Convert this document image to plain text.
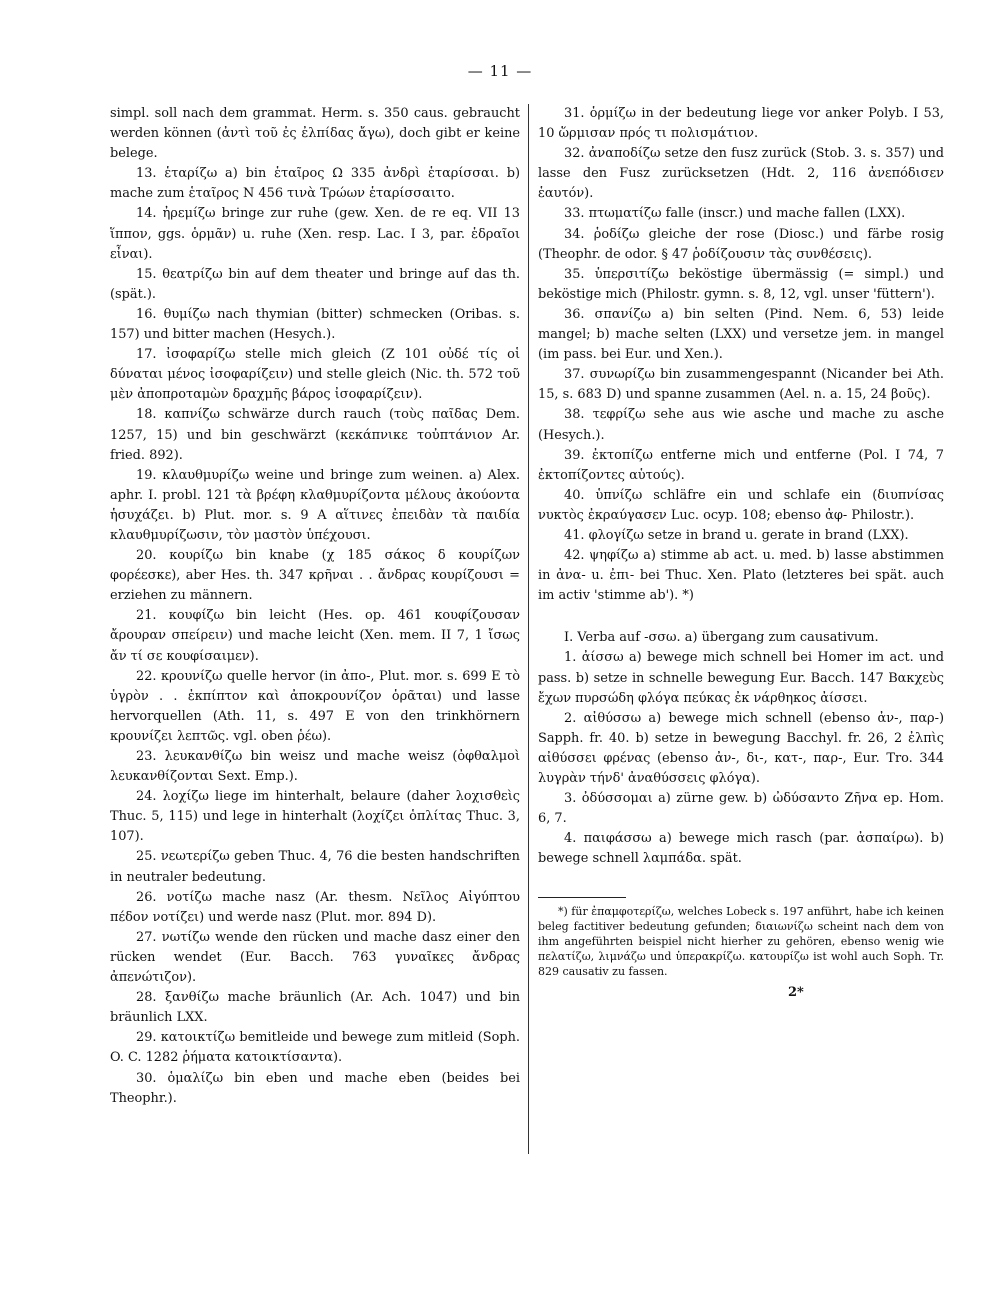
— 11 —

simpl. soll nach dem grammat. Herm. s. 350 caus. gebraucht werden können (ἀντὶ τοῦ ἐς ἐλπίδας ἄγω), doch gibt er keine belege.

13. ἑταρίζω a) bin ἑταῖρος Ω 335 ἀνδρὶ ἑταρίσσαι. b) mache zum ἑταῖρος N 456 τινὰ Τρώων ἑταρίσσαιτο.

14. ἠρεμίζω bringe zur ruhe (gew. Xen. de re eq. VII 13 ἵππον, ggs. ὁρμᾶν) u. ruhe (Xen. resp. Lac. I 3, par. ἑδραῖοι εἶναι).

15. θεατρίζω bin auf dem theater und bringe auf das th. (spät.).

16. θυμίζω nach thymian (bitter) schmecken (Oribas. s. 157) und bitter machen (Hesych.).

17. ἰσοφαρίζω stelle mich gleich (Z 101 οὐδέ τίς οἱ δύναται μένος ἰσοφαρίζειν) und stelle gleich (Nic. th. 572 τοῦ μὲν ἀποπροταμὼν δραχμῆς βάρος ἰσοφαρίζειν).

18. καπνίζω schwärze durch rauch (τοὺς παῖδας Dem. 1257, 15) und bin geschwärzt (κεκάπνικε τοὐπτάνιον Ar. fried. 892).

19. κλαυθμυρίζω weine und bringe zum weinen. a) Alex. aphr. I. probl. 121 τὰ βρέφη κλαθμυρίζοντα μέλους ἀκούοντα ἡσυχάζει. b) Plut. mor. s. 9 A αἵτινες ἐπειδὰν τὰ παιδία κλαυθμυρίζωσιν, τὸν μαστὸν ὑπέχουσι.

20. κουρίζω bin knabe (χ 185 σάκος δ κουρίζων φορέεσκε), aber Hes. th. 347 κρῆναι . . ἄνδρας κουρίζουσι = erziehen zu männern.

21. κουφίζω bin leicht (Hes. op. 461 κουφίζουσαν ἄρουραν σπείρειν) und mache leicht (Xen. mem. II 7, 1 ἴσως ἄν τί σε κουφίσαιμεν).

22. κρουνίζω quelle hervor (in ἀπο-, Plut. mor. s. 699 E τὸ ὑγρὸν . . ἐκπίπτον καὶ ἀποκρουνίζον ὁρᾶται) und lasse hervorquellen (Ath. 11, s. 497 E von den trinkhörnern κρουνίζει λεπτῶς. vgl. oben ῥέω).

23. λευκανθίζω bin weisz und mache weisz (ὀφθαλμοὶ λευκανθίζονται Sext. Emp.).

24. λοχίζω liege im hinterhalt, belaure (daher λοχισθεὶς Thuc. 5, 115) und lege in hinterhalt (λοχίζει ὁπλίτας Thuc. 3, 107).

25. νεωτερίζω geben Thuc. 4, 76 die besten handschriften in neutraler bedeutung.

26. νοτίζω mache nasz (Ar. thesm. Νεῖλος Αἰγύπτου πέδον νοτίζει) und werde nasz (Plut. mor. 894 D).

27. νωτίζω wende den rücken und mache dasz einer den rücken wendet (Eur. Bacch. 763 γυναῖκες ἄνδρας ἀπενώτιζον).

28. ξανθίζω mache bräunlich (Ar. Ach. 1047) und bin bräunlich LXX.

29. κατοικτίζω bemitleide und bewege zum mitleid (Soph. O. C. 1282 ῥήματα κατοικτίσαντα).

30. ὁμαλίζω bin eben und mache eben (beides bei Theophr.).

31. ὁρμίζω in der bedeutung liege vor anker Polyb. I 53, 10 ὥρμισαν πρός τι πολισμάτιον.

32. ἀναποδίζω setze den fusz zurück (Stob. 3. s. 357) und lasse den Fusz zurücksetzen (Hdt. 2, 116 ἀνεπόδισεν ἑαυτόν).

33. πτωματίζω falle (inscr.) und mache fallen (LXX).

34. ῥοδίζω gleiche der rose (Diosc.) und färbe rosig (Theophr. de odor. § 47 ῥοδίζουσιν τὰς συνθέσεις).

35. ὑπερσιτίζω beköstige übermässig (= simpl.) und beköstige mich (Philostr. gymn. s. 8, 12, vgl. unser 'füttern').

36. σπανίζω a) bin selten (Pind. Nem. 6, 53) leide mangel; b) mache selten (LXX) und versetze jem. in mangel (im pass. bei Eur. und Xen.).

37. συνωρίζω bin zusammengespannt (Nicander bei Ath. 15, s. 683 D) und spanne zusammen (Ael. n. a. 15, 24 βοῦς).

38. τεφρίζω sehe aus wie asche und mache zu asche (Hesych.).

39. ἐκτοπίζω entferne mich und entferne (Pol. I 74, 7 ἐκτοπίζοντες αὑτούς).

40. ὑπνίζω schläfre ein und schlafe ein (διυπνίσας νυκτὸς ἐκραύγασεν Luc. ocyp. 108; ebenso ἀφ- Philostr.).

41. φλογίζω setze in brand u. gerate in brand (LXX).

42. ψηφίζω a) stimme ab act. u. med. b) lasse abstimmen in ἀνα- u. ἐπι- bei Thuc. Xen. Plato (letzteres bei spät. auch im activ 'stimme ab'). *)

I. Verba auf -σσω. a) übergang zum causativum.

1. ἀίσσω a) bewege mich schnell bei Homer im act. und pass. b) setze in schnelle bewegung Eur. Bacch. 147 Βακχεὺς ἔχων πυρσώδη φλόγα πεύκας ἐκ νάρθηκος ἀίσσει.

2. αἰθύσσω a) bewege mich schnell (ebenso ἀν-, παρ-) Sapph. fr. 40. b) setze in bewegung Bacchyl. fr. 26, 2 ἐλπὶς αἰθύσσει φρένας (ebenso ἀν-, δι-, κατ-, παρ-, Eur. Tro. 344 λυγρὰν τήνδ' ἀναθύσσεις φλόγα).

3. ὀδύσσομαι a) zürne gew. b) ὠδύσαντο Ζῆνα ep. Hom. 6, 7.

4. παιφάσσω a) bewege mich rasch (par. ἀσπαίρω). b) bewege schnell λαμπάδα. spät.

*) für ἐπαμφοτερίζω, welches Lobeck s. 197 anführt, habe ich keinen beleg factitiver bedeutung gefunden; διαιωνίζω scheint nach dem von ihm angeführten beispiel nicht hierher zu gehören, ebenso wenig wie πελατίζω, λιμνάζω und ὑπερακρίζω. κατουρίζω ist wohl auch Soph. Tr. 829 causativ zu fassen.

2*
